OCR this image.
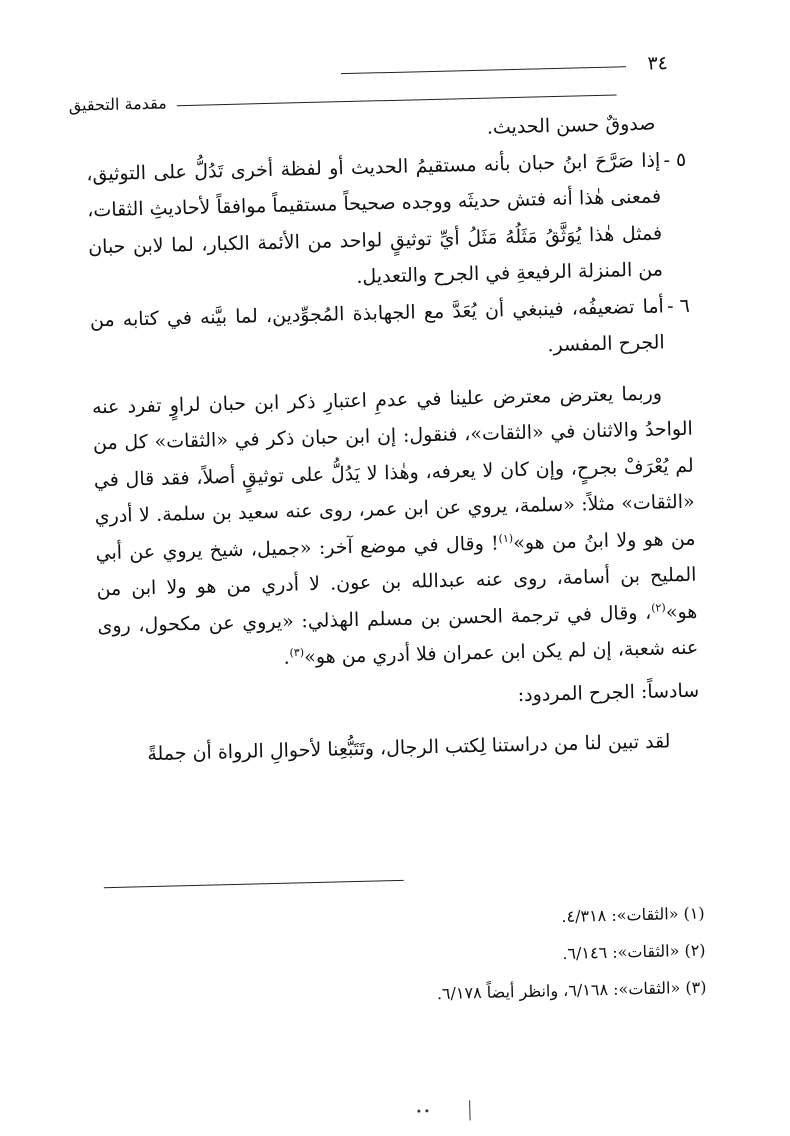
٣٤
مقدمة التحقيق

صدوقٌ حسن الحديث.

٥ -
إذا صَرَّحَ ابنُ حبان بأنه مستقيمُ الحديث أو لفظة أخرى تَدُلُّ على التوثيق، فمعنى هٰذا أنه فتش حديثَه ووجده صحيحاً مستقيماً موافقاً لأحاديثِ الثقات، فمثل هٰذا يُوَثَّقُ مَثَلُهُ مَثَلُ أيِّ توثيقٍ لواحد من الأئمة الكبار، لما لابن حبان من المنزلة الرفيعةِ في الجرح والتعديل.

٦ -
أما تضعيفُه، فينبغي أن يُعَدَّ مع الجهابذة المُجوِّدين، لما بيَّنه في كتابه من الجرح المفسر.

وربما يعترض معترض علينا في عدمِ اعتبارِ ذكر ابن حبان لراوٍ تفرد عنه الواحدُ والاثنان في «الثقات»، فنقول: إن ابن حبان ذكر في «الثقات» كل من لم يُعْرَفْ بجرحٍ، وإن كان لا يعرفه، وهٰذا لا يَدُلُّ على توثيقٍ أصلاً، فقد قال في «الثقات» مثلاً: «سلمة، يروي عن ابن عمر، روى عنه سعيد بن سلمة. لا أدري من هو ولا ابنُ من هو»$^{(١)}$! وقال في موضع آخر: «جميل، شيخ يروي عن أبي المليح بن أسامة، روى عنه عبدالله بن عون. لا أدري من هو ولا ابن من هو»$^{(٢)}$، وقال في ترجمة الحسن بن مسلم الهذلي: «يروي عن مكحول، روى عنه شعبة، إن لم يكن ابن عمران فلا أدري من هو»$^{(٣)}$.

سادساً: الجرح المردود:

لقد تبين لنا من دراستنا لِكتب الرجال، وتَتَبُّعِنا لأحوالِ الرواة أن جملةً

(١) «الثقات»: ٤/٣١٨.

(٢) «الثقات»: ٦/١٤٦.

(٣) «الثقات»: ٦/١٦٨، وانظر أيضاً ٦/١٧٨.
